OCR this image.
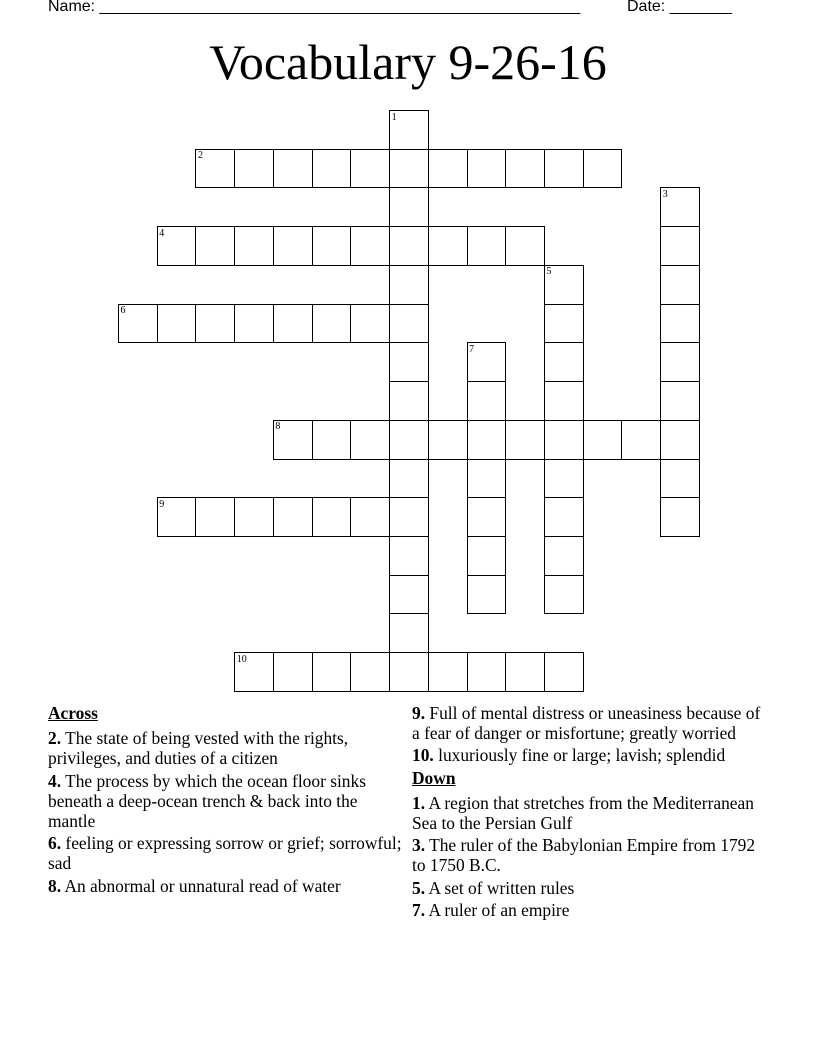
Name: ______________________________________________________	Date: _______
Vocabulary 9-26-16
1
2
3
4
5
6
7
8
9
10
Across
2. The state of being vested with the rights, privileges, and duties of a citizen
4. The process by which the ocean floor sinks beneath a deep-ocean trench & back into the mantle
6. feeling or expressing sorrow or grief; sorrowful; sad
8. An abnormal or unnatural read of water
9. Full of mental distress or uneasiness because of a fear of danger or misfortune; greatly worried
10. luxuriously fine or large; lavish; splendid
Down
1. A region that stretches from the Mediterranean Sea to the Persian Gulf
3. The ruler of the Babylonian Empire from 1792 to 1750 B.C.
5. A set of written rules
7. A ruler of an empire
